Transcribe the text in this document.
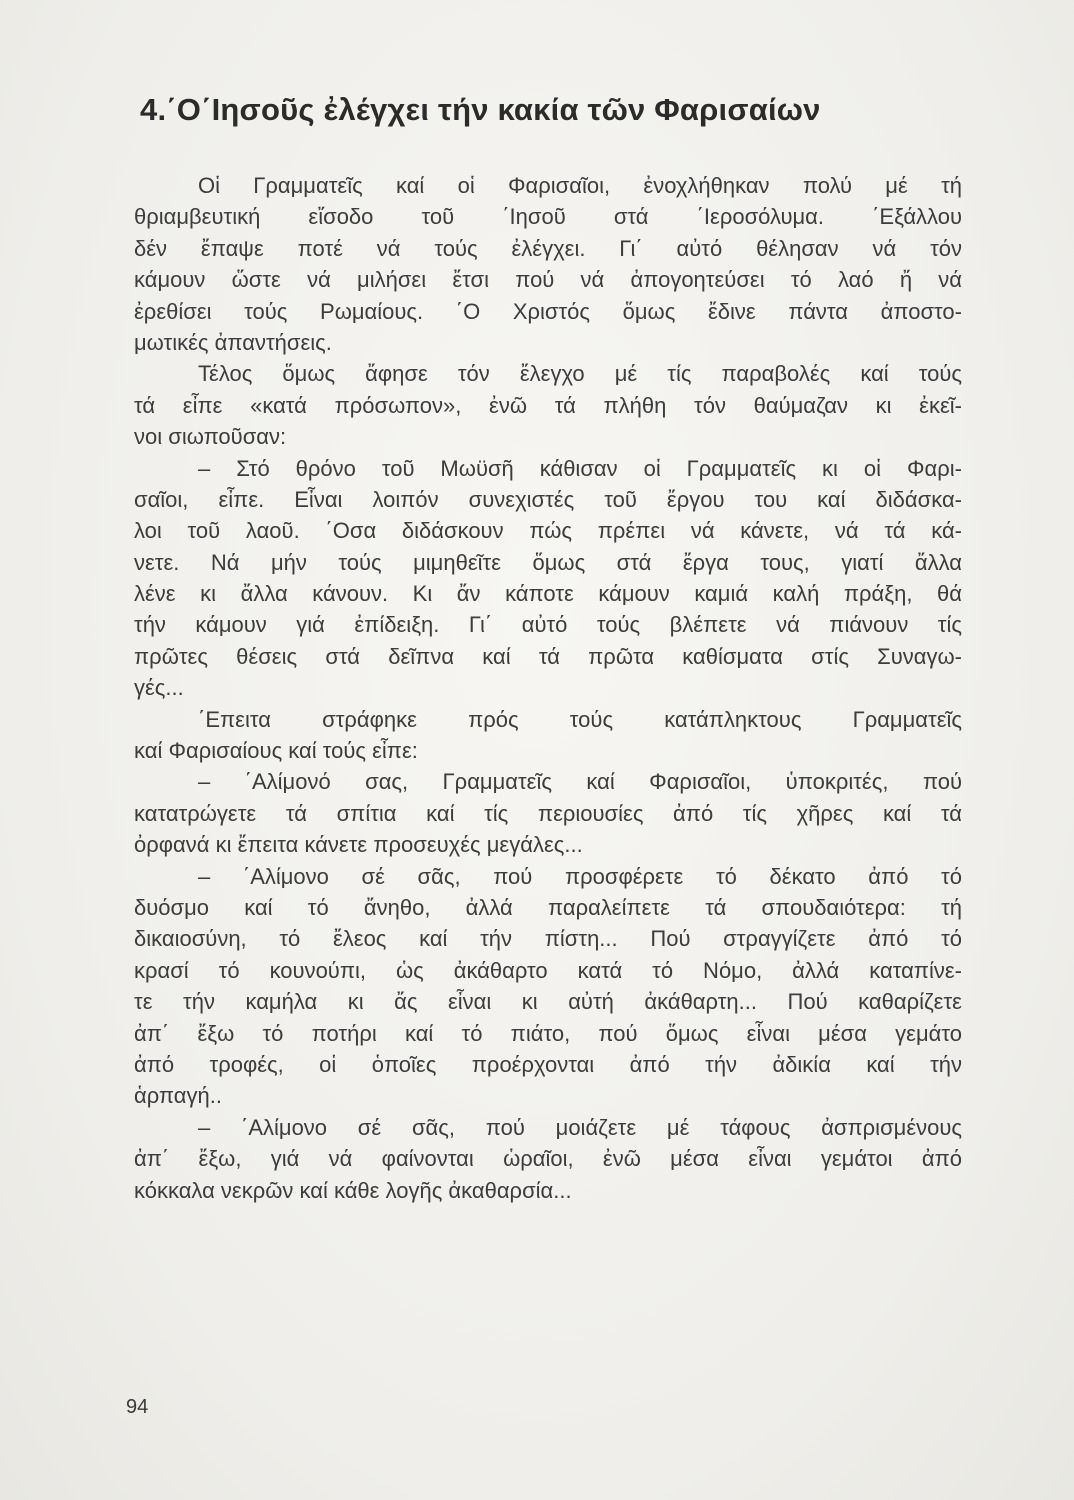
4.΄Ο΄Ιησοῦς ἐλέγχει τήν κακία τῶν Φαρισαίων
Οἱ Γραμματεῖς καί οἱ Φαρισαῖοι, ἐνοχλήθηκαν πολύ μέ τή
θριαμβευτική εἴσοδο τοῦ ΄Ιησοῦ στά ΄Ιεροσόλυμα. ΄Εξάλλου
δέν ἔπαψε ποτέ νά τούς ἐλέγχει. Γι΄ αὐτό θέλησαν νά τόν
κάμουν ὥστε νά μιλήσει ἔτσι πού νά ἀπογοητεύσει τό λαό ἤ νά
ἐρεθίσει τούς Ρωμαίους. ΄Ο Χριστός ὅμως ἔδινε πάντα ἀποστο-
μωτικές ἀπαντήσεις.
Τέλος ὅμως ἄφησε τόν ἔλεγχο μέ τίς παραβολές καί τούς
τά εἶπε «κατά πρόσωπον», ἐνῶ τά πλήθη τόν θαύμαζαν κι ἐκεῖ-
νοι σιωποῦσαν:
– Στό θρόνο τοῦ Μωϋσῆ κάθισαν οἱ Γραμματεῖς κι οἱ Φαρι-
σαῖοι, εἶπε. Εἶναι λοιπόν συνεχιστές τοῦ ἔργου του καί διδάσκα-
λοι τοῦ λαοῦ. ΄Οσα διδάσκουν πώς πρέπει νά κάνετε, νά τά κά-
νετε. Νά μήν τούς μιμηθεῖτε ὅμως στά ἔργα τους, γιατί ἄλλα
λένε κι ἄλλα κάνουν. Κι ἄν κάποτε κάμουν καμιά καλή πράξη, θά
τήν κάμουν γιά ἐπίδειξη. Γι΄ αὐτό τούς βλέπετε νά πιάνουν τίς
πρῶτες θέσεις στά δεῖπνα καί τά πρῶτα καθίσματα στίς Συναγω-
γές...
΄Επειτα στράφηκε πρός τούς κατάπληκτους Γραμματεῖς
καί Φαρισαίους καί τούς εἶπε:
– ΄Αλίμονό σας, Γραμματεῖς καί Φαρισαῖοι, ὑποκριτές, πού
κατατρώγετε τά σπίτια καί τίς περιουσίες ἀπό τίς χῆρες καί τά
ὀρφανά κι ἔπειτα κάνετε προσευχές μεγάλες...
– ΄Αλίμονο σέ σᾶς, πού προσφέρετε τό δέκατο ἀπό τό
δυόσμο καί τό ἄνηθο, ἀλλά παραλείπετε τά σπουδαιότερα: τή
δικαιοσύνη, τό ἔλεος καί τήν πίστη... Πού στραγγίζετε ἀπό τό
κρασί τό κουνούπι, ὡς ἀκάθαρτο κατά τό Νόμο, ἀλλά καταπίνε-
τε τήν καμήλα κι ἄς εἶναι κι αὐτή ἀκάθαρτη... Πού καθαρίζετε
ἀπ΄ ἔξω τό ποτήρι καί τό πιάτο, πού ὅμως εἶναι μέσα γεμάτο
ἀπό τροφές, οἱ ὁποῖες προέρχονται ἀπό τήν ἀδικία καί τήν
ἁρπαγή..
– ΄Αλίμονο σέ σᾶς, πού μοιάζετε μέ τάφους ἀσπρισμένους
ἀπ΄ ἔξω, γιά νά φαίνονται ὡραῖοι, ἐνῶ μέσα εἶναι γεμάτοι ἀπό
κόκκαλα νεκρῶν καί κάθε λογῆς ἀκαθαρσία...
94
